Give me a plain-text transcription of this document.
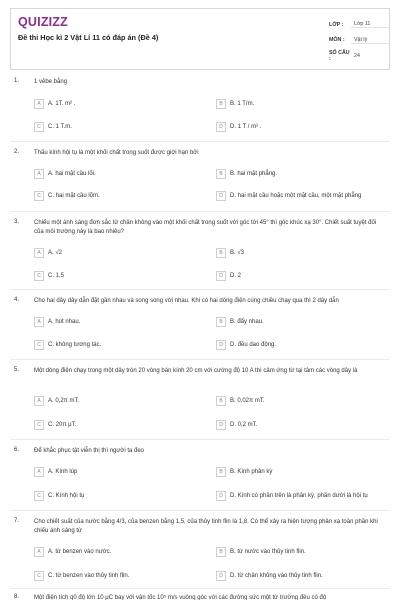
QUIZIZZ
Đề thi Học kì 2 Vật Lí 11 có đáp án (Đề 4)
LỚP :	Lớp 11
MÔN :	Vật lý
SỐ CÂU :	24
1. 1 vêbe bằng
A	A. 1T. m² .	B	B. 1 T/m.
C	C. 1 T.m.	D	D. 1 T / m² .
2. Thấu kính hội tụ là một khối chất trong suốt được giới hạn bởi
A	A. hai mặt cầu lõi.	B	B. hai mặt phẳng.
C	C. hai mặt cầu lõm.	D	D. hai mặt cầu hoặc một mặt cầu, một mặt phẳng
3. Chiếu một ánh sáng đơn sắc từ chân không vào một khối chất trong suốt với góc tới 45° thì góc khúc xạ 30°. Chiết suất tuyệt đối của môi trường này là bao nhiêu?
A	A. √2	B	B. √3
C	C. 1,5	D	D. 2
4. Cho hai dây dây dẫn đặt gần nhau và song song với nhau. Khi có hai dòng điện cùng chiều chạy qua thì 2 dây dẫn
A	A. hút nhau.	B	B. đẩy nhau.
C	C. không tương tác.	D	D. đều dao động.
5. Một dòng điện chạy trong một dây tròn 20 vòng bán kính 20 cm với cường độ 10 A thì cảm ứng từ tại tâm các vòng dây là
A	A. 0,2π mT.	B	B. 0,02π mT.
C	C. 20π μT.	D	D. 0,2 mT.
6. Để khắc phục tật viễn thị thì người ta đeo
A	A. Kính lúp	B	B. Kính phân kỳ
C	C. Kính hội tụ	D	D. Kính có phần trên là phân kỳ, phần dưới là hội tụ
7. Cho chiết suất của nước bằng 4/3, của benzen bằng 1,5, của thủy tinh flin là 1,8. Có thể xảy ra hiện tượng phản xạ toàn phần khi chiếu ánh sáng từ
A	A. từ benzen vào nước.	B	B. từ nước vào thủy tinh flin.
C	C. từ benzen vào thủy tinh flin.	D	D. từ chân không vào thủy tinh flin.
8. Một điện tích q0 độ lớn 10 μC bay với vận tốc 10⁵ m/s vuông góc với các đường sức một từ trường đều có độ
